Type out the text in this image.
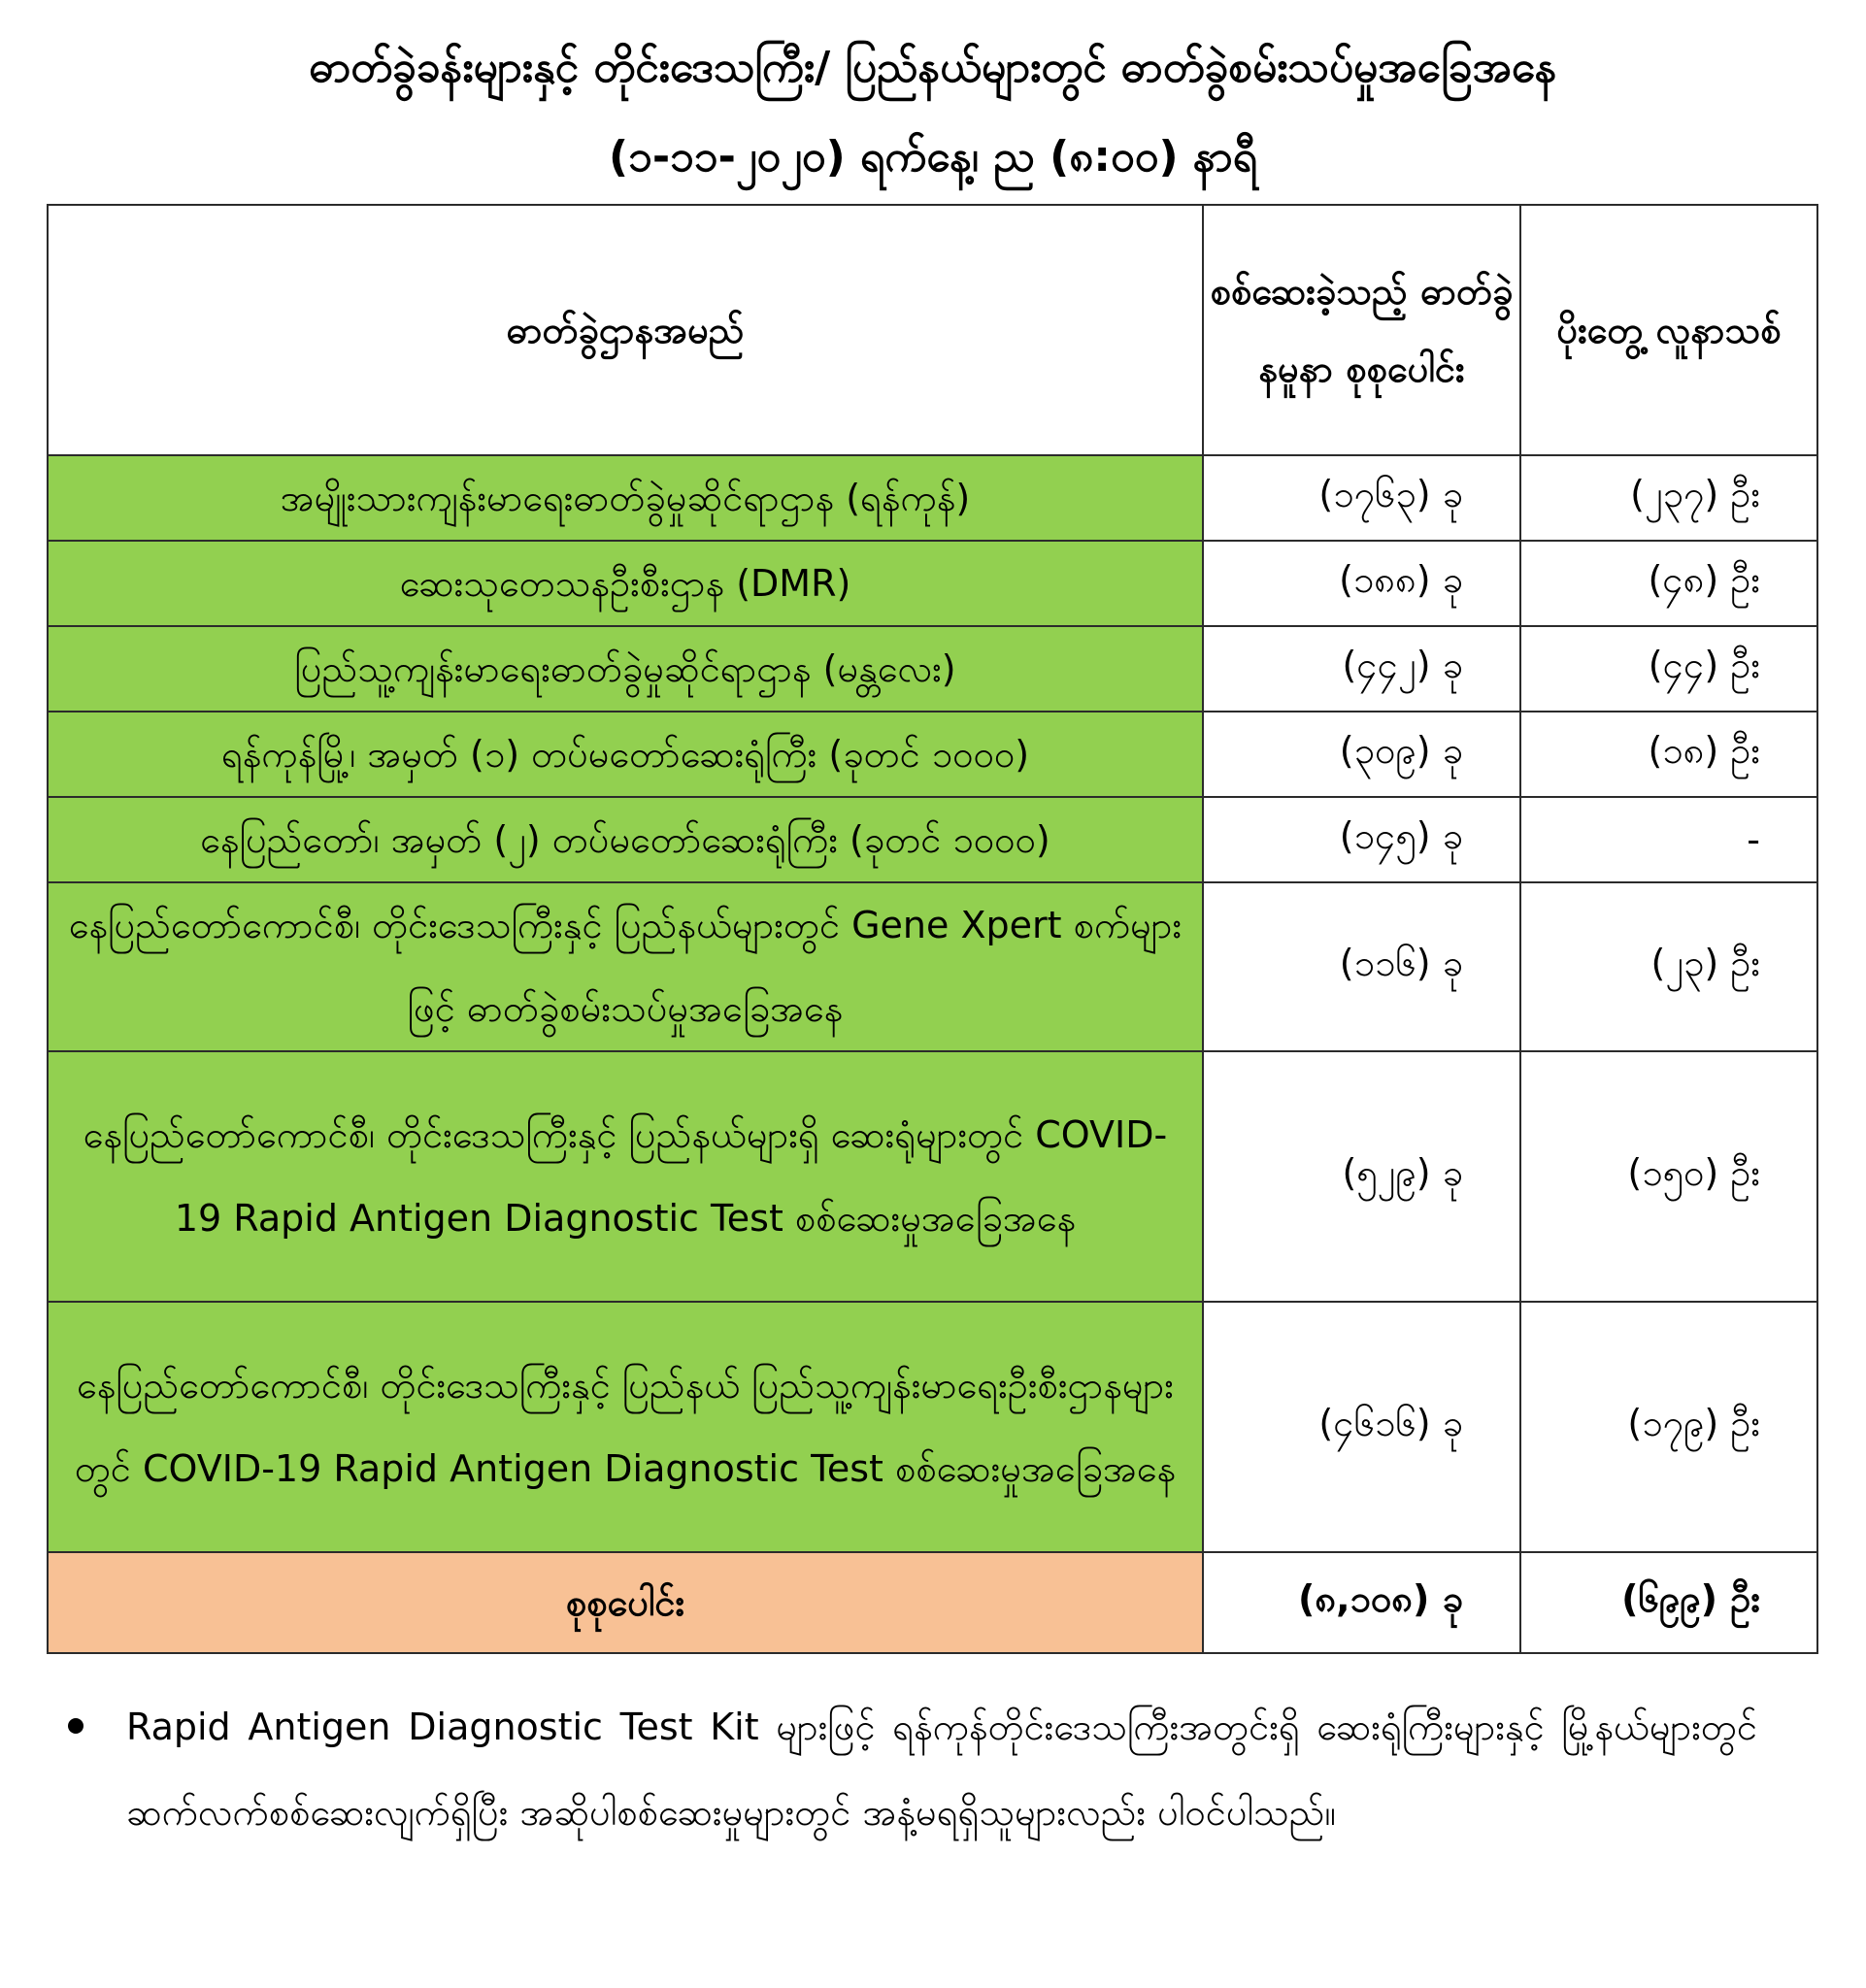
ဓာတ်ခွဲခန်းများနှင့် တိုင်းဒေသကြီး/ ပြည်နယ်များတွင် ဓာတ်ခွဲစမ်းသပ်မှုအခြေအနေ
(၁-၁၁-၂၀၂၀) ရက်နေ့၊ ည (၈:၀၀) နာရီ
ဓာတ်ခွဲဌာနအမည်	စစ်ဆေးခဲ့သည့် ဓာတ်ခွဲနမူနာ စုစုပေါင်း	ပိုးတွေ့ လူနာသစ်
အမျိုးသားကျန်းမာရေးဓာတ်ခွဲမှုဆိုင်ရာဌာန (ရန်ကုန်)	(၁၇၆၃) ခု	(၂၃၇) ဦး
ဆေးသုတေသနဦးစီးဌာန (DMR)	(၁၈၈) ခု	(၄၈) ဦး
ပြည်သူ့ကျန်းမာရေးဓာတ်ခွဲမှုဆိုင်ရာဌာန (မန္တလေး)	(၄၄၂) ခု	(၄၄) ဦး
ရန်ကုန်မြို့၊ အမှတ် (၁) တပ်မတော်ဆေးရုံကြီး (ခုတင် ၁၀၀၀)	(၃၀၉) ခု	(၁၈) ဦး
နေပြည်တော်၊ အမှတ် (၂) တပ်မတော်ဆေးရုံကြီး (ခုတင် ၁၀၀၀)	(၁၄၅) ခု	-
နေပြည်တော်ကောင်စီ၊ တိုင်းဒေသကြီးနှင့် ပြည်နယ်များတွင် Gene Xpert စက်များဖြင့် ဓာတ်ခွဲစမ်းသပ်မှုအခြေအနေ	(၁၁၆) ခု	(၂၃) ဦး
နေပြည်တော်ကောင်စီ၊ တိုင်းဒေသကြီးနှင့် ပြည်နယ်များရှိ ဆေးရုံများတွင် COVID-19 Rapid Antigen Diagnostic Test စစ်ဆေးမှုအခြေအနေ	(၅၂၉) ခု	(၁၅၀) ဦး
နေပြည်တော်ကောင်စီ၊ တိုင်းဒေသကြီးနှင့် ပြည်နယ် ပြည်သူ့ကျန်းမာရေးဦးစီးဌာနများတွင် COVID-19 Rapid Antigen Diagnostic Test စစ်ဆေးမှုအခြေအနေ	(၄၆၁၆) ခု	(၁၇၉) ဦး
စုစုပေါင်း	(၈,၁၀၈) ခု	(၆၉၉) ဦး
Rapid Antigen Diagnostic Test Kit များဖြင့် ရန်ကုန်တိုင်းဒေသကြီးအတွင်းရှိ ဆေးရုံကြီးများနှင့် မြို့နယ်များတွင် ဆက်လက်စစ်ဆေးလျက်ရှိပြီး အဆိုပါစစ်ဆေးမှုများတွင် အနံ့မရရှိသူများလည်း ပါဝင်ပါသည်။
